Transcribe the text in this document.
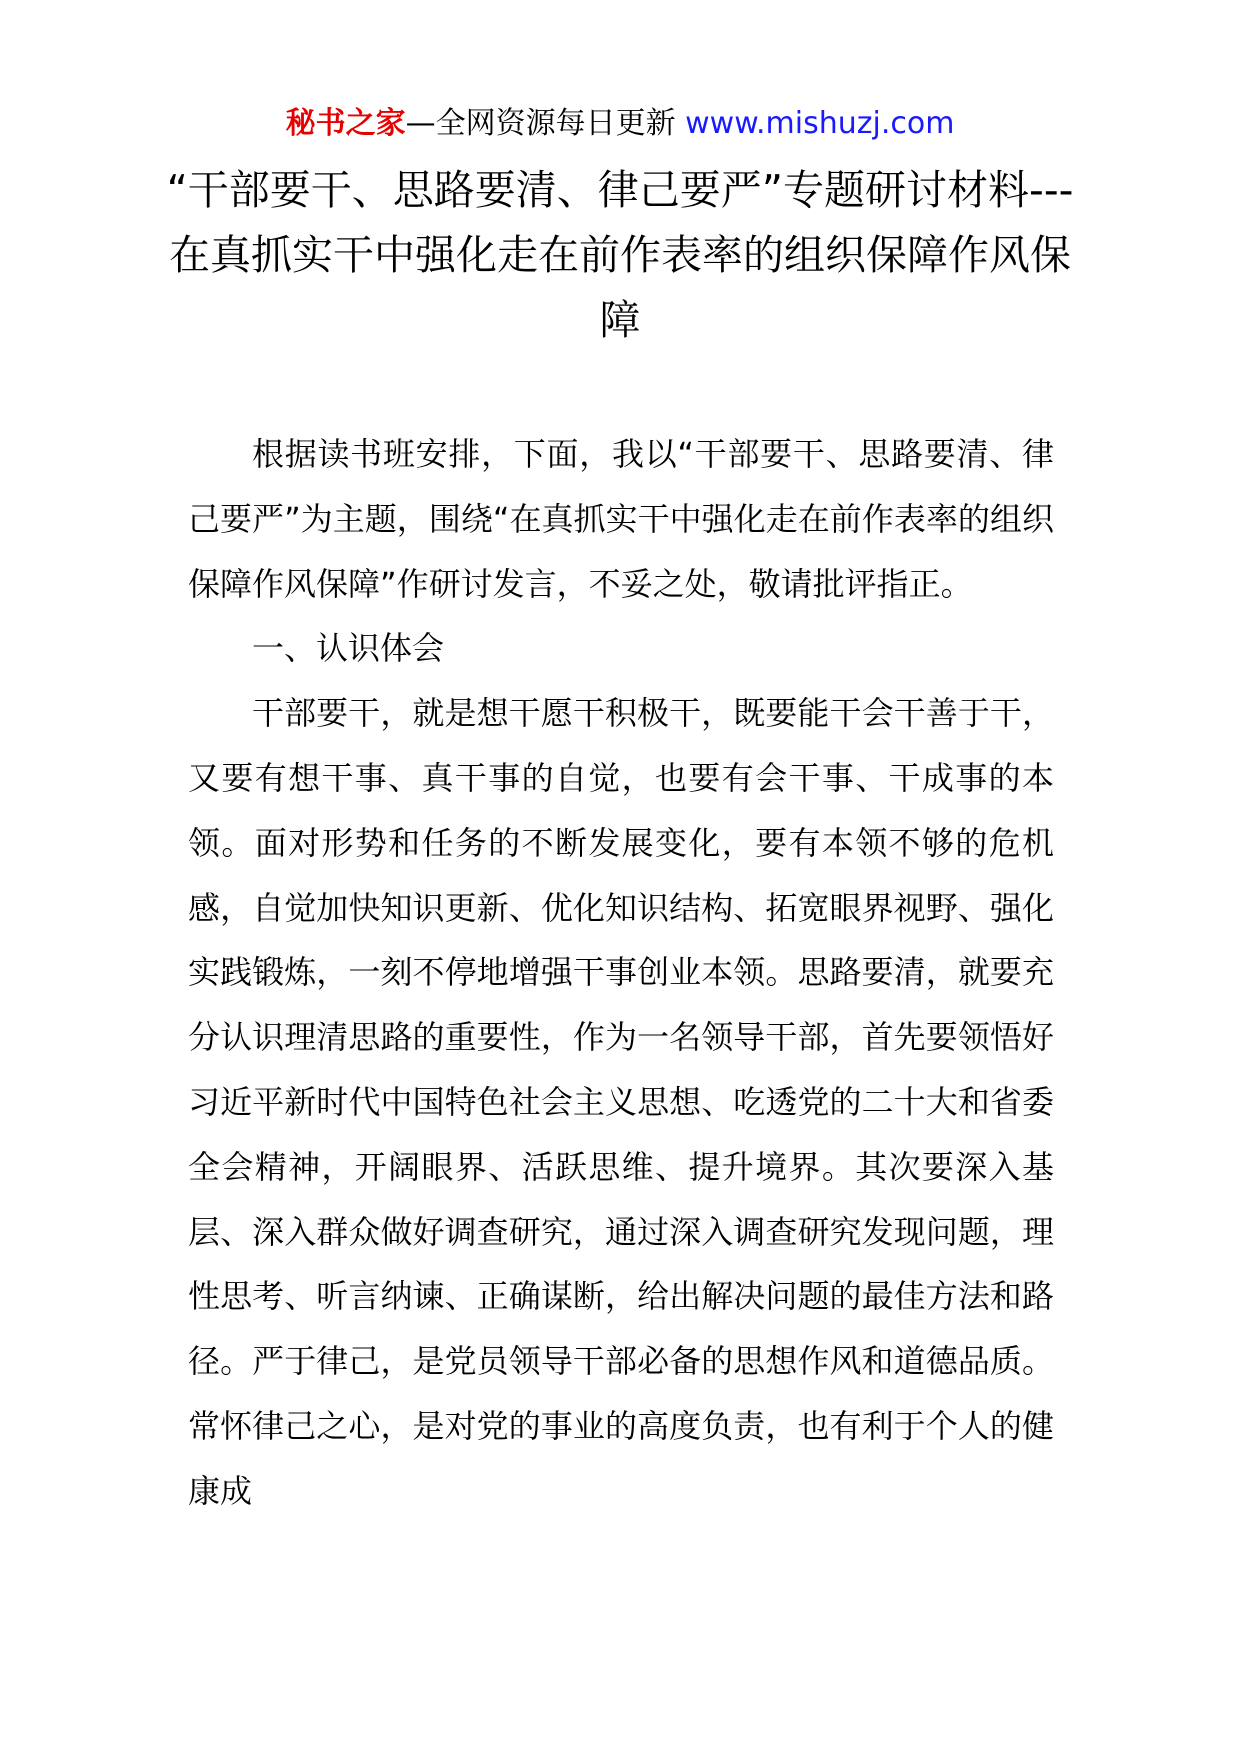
秘书之家—全网资源每日更新 www.mishuzj.com
“干部要干、思路要清、律己要严”专题研讨材料---在真抓实干中强化走在前作表率的组织保障作风保障

根据读书班安排，下面，我以“干部要干、思路要清、律己要严”为主题，围绕“在真抓实干中强化走在前作表率的组织保障作风保障”作研讨发言，不妥之处，敬请批评指正。

一、认识体会

干部要干，就是想干愿干积极干，既要能干会干善于干，又要有想干事、真干事的自觉，也要有会干事、干成事的本领。面对形势和任务的不断发展变化，要有本领不够的危机感，自觉加快知识更新、优化知识结构、拓宽眼界视野、强化实践锻炼，一刻不停地增强干事创业本领。思路要清，就要充分认识理清思路的重要性，作为一名领导干部，首先要领悟好习近平新时代中国特色社会主义思想、吃透党的二十大和省委全会精神，开阔眼界、活跃思维、提升境界。其次要深入基层、深入群众做好调查研究，通过深入调查研究发现问题，理性思考、听言纳谏、正确谋断，给出解决问题的最佳方法和路径。严于律己，是党员领导干部必备的思想作风和道德品质。常怀律己之心，是对党的事业的高度负责，也有利于个人的健康成
